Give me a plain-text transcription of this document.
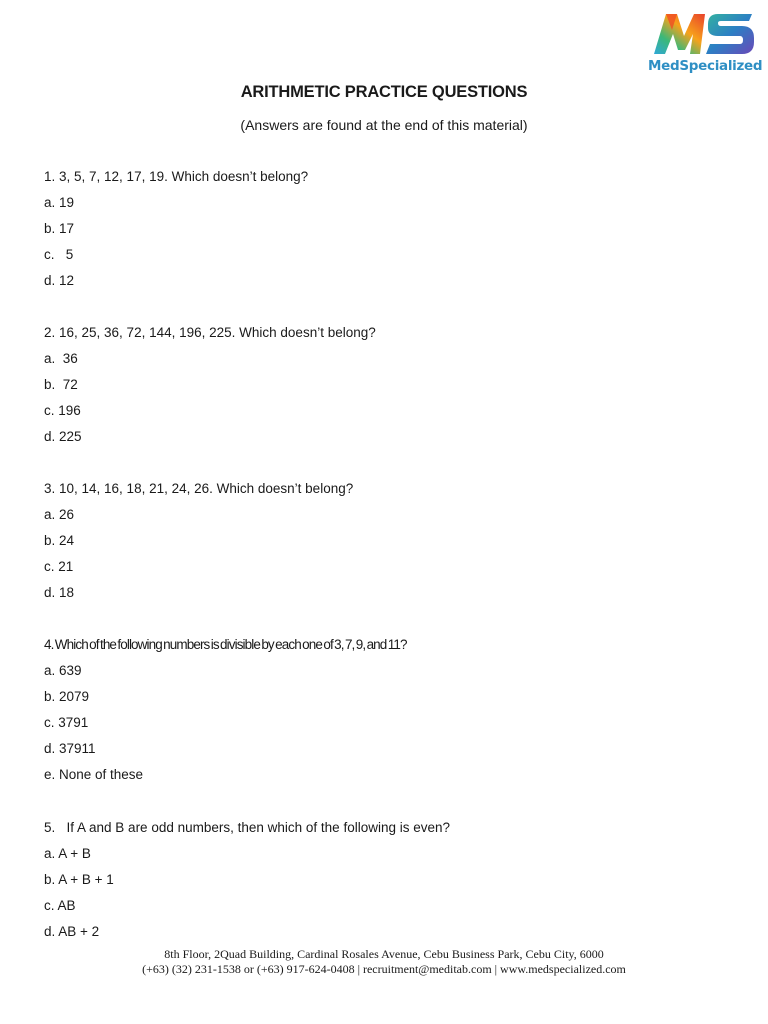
MedSpecialized
ARITHMETIC PRACTICE QUESTIONS
(Answers are found at the end of this material)
1. 3, 5, 7, 12, 17, 19. Which doesn’t belong?
a. 19
b. 17
c.   5
d. 12
2. 16, 25, 36, 72, 144, 196, 225. Which doesn’t belong?
a.  36
b.  72
c. 196
d. 225
3. 10, 14, 16, 18, 21, 24, 26. Which doesn’t belong?
a. 26
b. 24
c. 21
d. 18
4. Which of the following numbers is divisible by each one of 3, 7, 9, and 11?
a. 639
b. 2079
c. 3791
d. 37911
e. None of these
5.   If A and B are odd numbers, then which of the following is even?
a. A + B
b. A + B + 1
c. AB
d. AB + 2
8th Floor, 2Quad Building, Cardinal Rosales Avenue, Cebu Business Park, Cebu City, 6000
(+63) (32) 231-1538 or (+63) 917-624-0408 | recruitment@meditab.com | www.medspecialized.com
